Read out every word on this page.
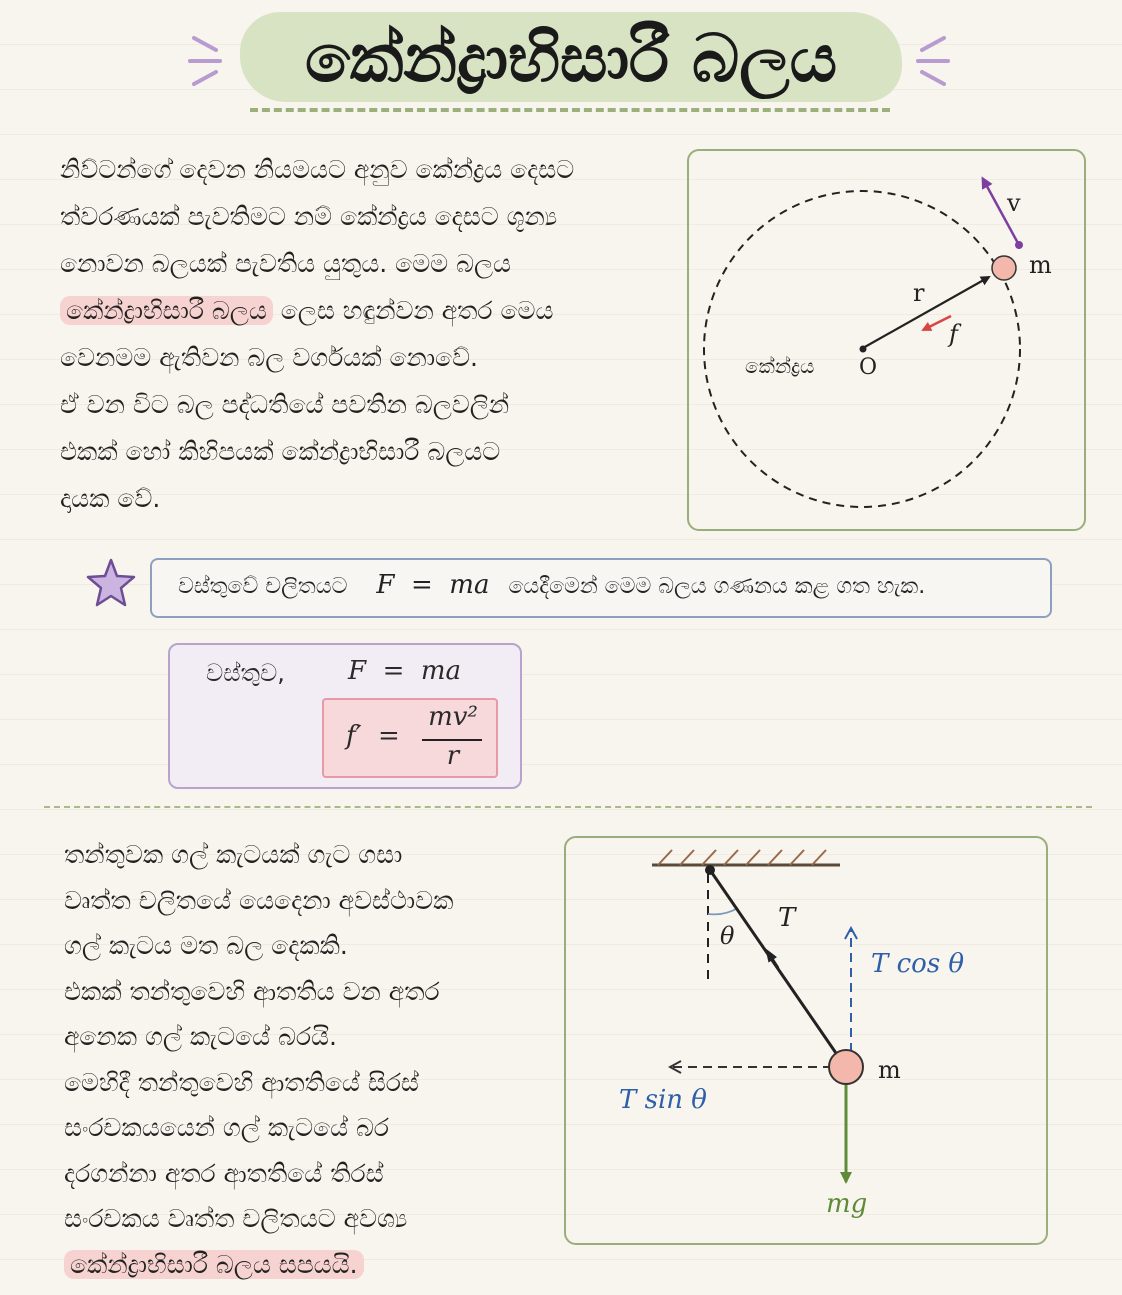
කේන්ද්‍රාභිසාරී බලය
නිව්ටන්ගේ දෙවන නියමයට අනුව කේන්ද්‍රය දෙසට
ත්වරණයක් පැවතිමට නම් කේන්ද්‍රය දෙසට ශූන්‍ය
නොවන බලයක් පැවතිය යුතුය. මෙම බලය
කේන්ද්‍රාභිසාරී බලය ලෙස හඳුන්වන අතර මෙය
වෙනමම ඇතිවන බල වර්ගයක් නොවේ.
ඒ වන විට බල පද්ධතියේ පවතින බලවලින්
එකක් හෝ කිහිපයක් කේන්ද්‍රාභිසාරී බලයට
දායක වේ.
v
m
r
f
කේන්ද්‍රය O
වස්තුවේ චලිතයට F  =  ma යෙදීමෙන් මෙම බලය ගණනය කළ ගත හැක.
වස්තුව, F  =  ma
f′  =
mv²
r
තන්තුවක ගල් කැටයක් ගැට ගසා
වෘත්ත චලිතයේ යෙදෙනා අවස්ථාවක
ගල් කැටය මත බල දෙකකි.
එකක් තන්තුවෙහි ආතතිය වන අතර
අනෙක ගල් කැටයේ බරයි.
මෙහිදී තන්තුවෙහි ආතතියේ සිරස්
සංරචකයයෙන් ගල් කැටයේ බර
දරගන්නා අතර ආතතියේ තිරස්
සංරචකය වෘත්ත චලිතයට අවශ්‍ය
කේන්ද්‍රාභිසාරී බලය සපයයි.
T
θ
T cos θ
T sin θ
m
mg
